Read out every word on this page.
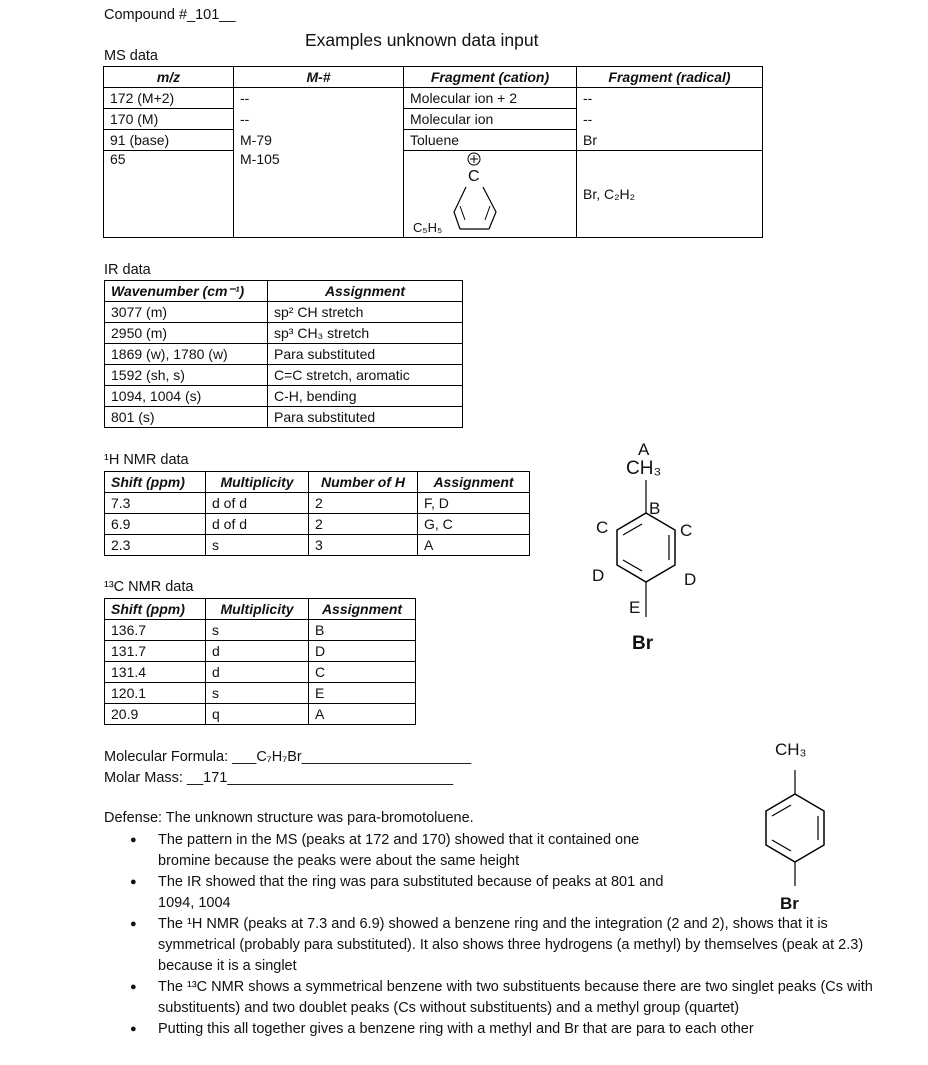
Compound #_101__
Examples unknown data input
MS data
m/z	M-#	Fragment (cation)	Fragment (radical)
172 (M+2)	--	Molecular ion + 2	--
170 (M)	--	Molecular ion	--
91 (base)	M-79	Toluene	Br
65	M-105		Br, C₂H₂
C
C₅H₅
IR data
Wavenumber (cm⁻¹)	Assignment
3077 (m)	sp² CH stretch
2950 (m)	sp³ CH₃ stretch
1869 (w), 1780 (w)	Para substituted
1592 (sh, s)	C=C stretch, aromatic
1094, 1004 (s)	C-H, bending
801 (s)	Para substituted
¹H NMR data
Shift (ppm)	Multiplicity	Number of H	Assignment
7.3	d of d	2	F, D
6.9	d of d	2	G, C
2.3	s	3	A
¹³C NMR data
Shift (ppm)	Multiplicity	Assignment
136.7	s	B
131.7	d	D
131.4	d	C
120.1	s	E
20.9	q	A
A
CH₃
B
C	C
D	D
E
Br
CH₃
Br
Molecular Formula: ___C₇H₇Br_____________________
Molar Mass: __171____________________________
Defense: The unknown structure was para-bromotoluene.
● The pattern in the MS (peaks at 172 and 170) showed that it contained one bromine because the peaks were about the same height
● The IR showed that the ring was para substituted because of peaks at 801 and 1094, 1004
● The ¹H NMR (peaks at 7.3 and 6.9) showed a benzene ring and the integration (2 and 2), shows that it is symmetrical (probably para substituted). It also shows three hydrogens (a methyl) by themselves (peak at 2.3) because it is a singlet
● The ¹³C NMR shows a symmetrical benzene with two substituents because there are two singlet peaks (Cs with substituents) and two doublet peaks (Cs without substituents) and a methyl group (quartet)
● Putting this all together gives a benzene ring with a methyl and Br that are para to each other
